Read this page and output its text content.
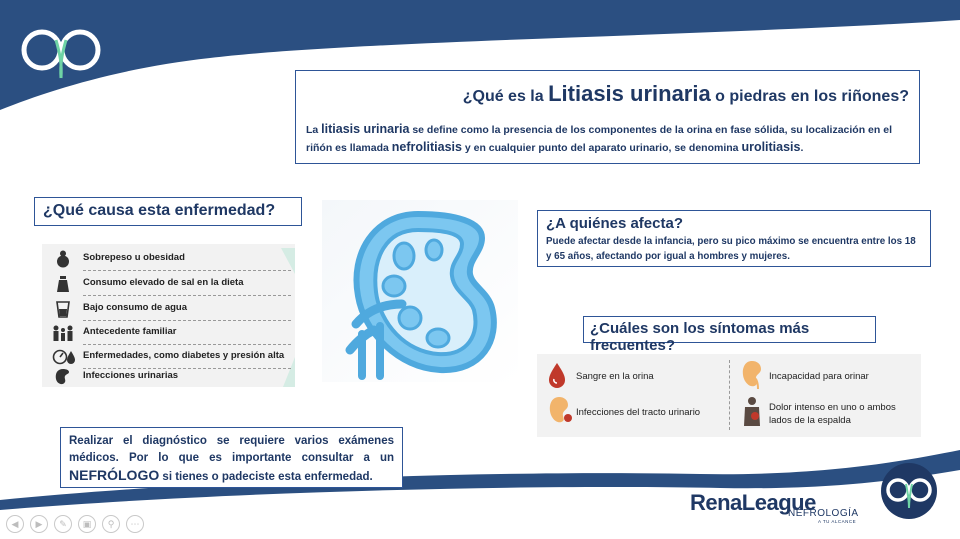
¿Qué es la Litiasis urinaria o piedras en los riñones?
La litiasis urinaria se define como la presencia de los componentes de la orina en fase sólida, su localización en el riñón es llamada nefrolitiasis y en cualquier punto del aparato urinario, se denomina urolitiasis.
¿Qué causa esta enfermedad?
Sobrepeso u obesidad
Consumo elevado de sal en la dieta
Bajo consumo de agua
Antecedente familiar
Enfermedades, como diabetes y presión alta
Infecciones urinarias
¿A quiénes afecta?
Puede afectar desde la infancia, pero su pico máximo se encuentra entre los 18 y 65 años, afectando por igual a hombres y mujeres.
¿Cuáles son los síntomas más frecuentes?
Sangre en la orina	Incapacidad para orinar
Infecciones del tracto urinario	Dolor intenso en uno o ambos lados de la espalda
Realizar el diagnóstico se requiere varios exámenes médicos. Por lo que es importante consultar a un NEFRÓLOGO si tienes o padeciste esta enfermedad.
RenaLeague
NEFROLOGÍA
A TU ALCANCE
◀	▶	✎	▣	⚲	⋯
